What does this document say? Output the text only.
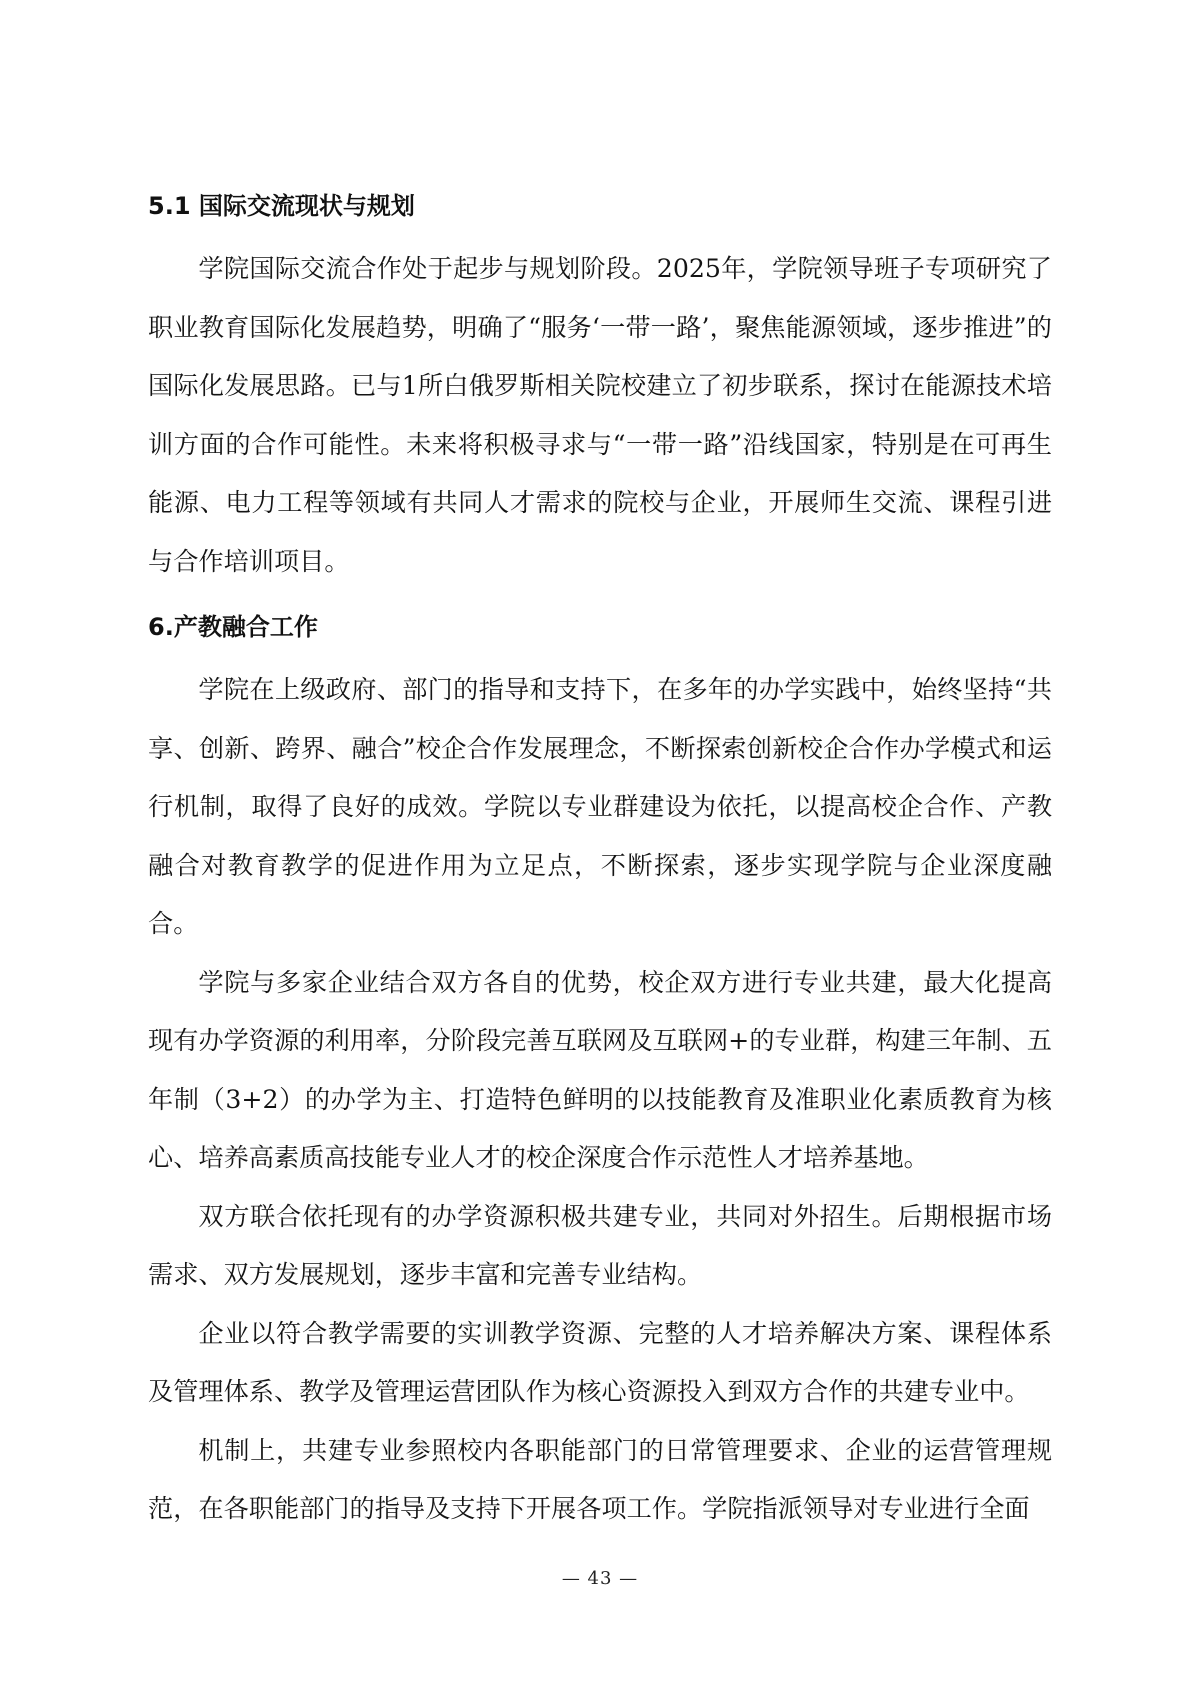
5.1 国际交流现状与规划

学院国际交流合作处于起步与规划阶段。2025年，学院领导班子专项研究了职业教育国际化发展趋势，明确了“服务‘一带一路’，聚焦能源领域，逐步推进”的国际化发展思路。已与1所白俄罗斯相关院校建立了初步联系，探讨在能源技术培训方面的合作可能性。未来将积极寻求与“一带一路”沿线国家，特别是在可再生能源、电力工程等领域有共同人才需求的院校与企业，开展师生交流、课程引进与合作培训项目。

6.产教融合工作

学院在上级政府、部门的指导和支持下，在多年的办学实践中，始终坚持“共享、创新、跨界、融合”校企合作发展理念，不断探索创新校企合作办学模式和运行机制，取得了良好的成效。学院以专业群建设为依托，以提高校企合作、产教融合对教育教学的促进作用为立足点，不断探索，逐步实现学院与企业深度融合。

学院与多家企业结合双方各自的优势，校企双方进行专业共建，最大化提高现有办学资源的利用率，分阶段完善互联网及互联网+的专业群，构建三年制、五年制（3+2）的办学为主、打造特色鲜明的以技能教育及准职业化素质教育为核心、培养高素质高技能专业人才的校企深度合作示范性人才培养基地。

双方联合依托现有的办学资源积极共建专业，共同对外招生。后期根据市场需求、双方发展规划，逐步丰富和完善专业结构。

企业以符合教学需要的实训教学资源、完整的人才培养解决方案、课程体系及管理体系、教学及管理运营团队作为核心资源投入到双方合作的共建专业中。

机制上，共建专业参照校内各职能部门的日常管理要求、企业的运营管理规范，在各职能部门的指导及支持下开展各项工作。学院指派领导对专业进行全面

— 43 —
